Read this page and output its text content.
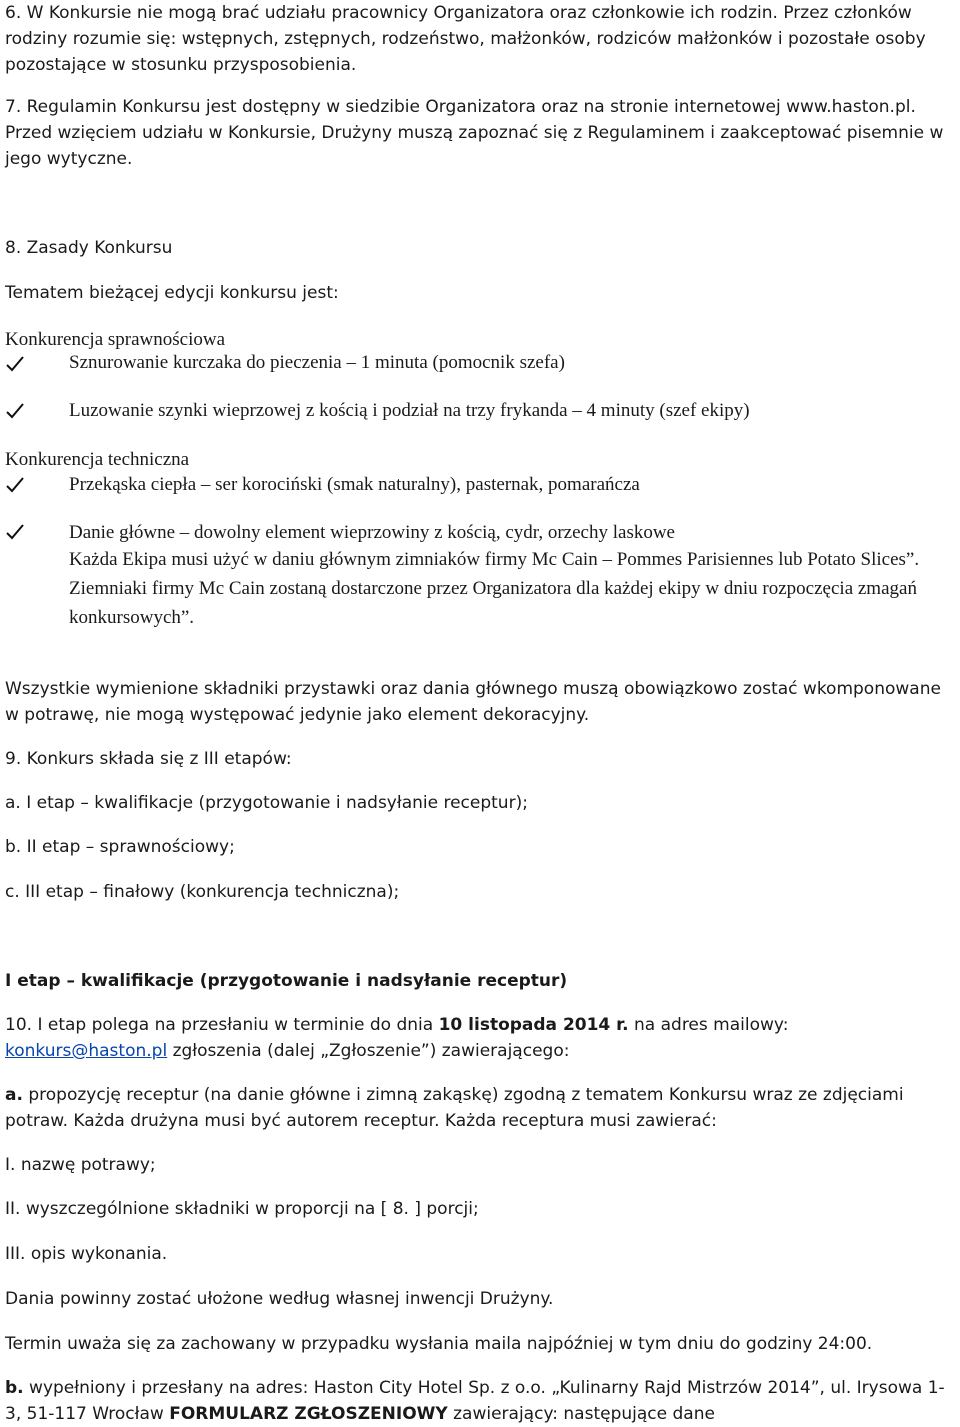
6. W Konkursie nie mogą brać udziału pracownicy Organizatora oraz członkowie ich rodzin. Przez członków rodziny rozumie się: wstępnych, zstępnych, rodzeństwo, małżonków, rodziców małżonków i pozostałe osoby pozostające w stosunku przysposobienia.

7. Regulamin Konkursu jest dostępny w siedzibie Organizatora oraz na stronie internetowej www.haston.pl. Przed wzięciem udziału w Konkursie, Drużyny muszą zapoznać się z Regulaminem i zaakceptować pisemnie w jego wytyczne.

8. Zasady Konkursu

Tematem bieżącej edycji konkursu jest:

Konkurencja sprawnościowa

Sznurowanie kurczaka do pieczenia – 1 minuta (pomocnik szefa)

Luzowanie szynki wieprzowej z kością i podział na trzy frykanda – 4 minuty (szef ekipy)

Konkurencja techniczna

Przekąska ciepła – ser korociński (smak naturalny), pasternak, pomarańcza

Danie główne – dowolny element wieprzowiny z kością, cydr, orzechy laskowe

Każda Ekipa musi użyć w daniu głównym zimniaków firmy Mc Cain – Pommes Parisiennes lub Potato Slices”. Ziemniaki firmy Mc Cain zostaną dostarczone przez Organizatora dla każdej ekipy w dniu rozpoczęcia zmagań konkursowych”.

Wszystkie wymienione składniki przystawki oraz dania głównego muszą obowiązkowo zostać wkomponowane w potrawę, nie mogą występować jedynie jako element dekoracyjny.

9. Konkurs składa się z III etapów:

a. I etap – kwalifikacje (przygotowanie i nadsyłanie receptur);

b. II etap – sprawnościowy;

c. III etap – finałowy (konkurencja techniczna);

I etap – kwalifikacje (przygotowanie i nadsyłanie receptur)

10. I etap polega na przesłaniu w terminie do dnia 10 listopada 2014 r. na adres mailowy: konkurs@haston.pl zgłoszenia (dalej „Zgłoszenie”) zawierającego:

a. propozycję receptur (na danie główne i zimną zakąskę) zgodną z tematem Konkursu wraz ze zdjęciami potraw. Każda drużyna musi być autorem receptur. Każda receptura musi zawierać:

I. nazwę potrawy;

II. wyszczególnione składniki w proporcji na [ 8. ] porcji;

III. opis wykonania.

Dania powinny zostać ułożone według własnej inwencji Drużyny.

Termin uważa się za zachowany w przypadku wysłania maila najpóźniej w tym dniu do godziny 24:00.

b. wypełniony i przesłany na adres: Haston City Hotel Sp. z o.o. „Kulinarny Rajd Mistrzów 2014”, ul. Irysowa 1-3, 51-117 Wrocław FORMULARZ ZGŁOSZENIOWY zawierający: następujące dane
